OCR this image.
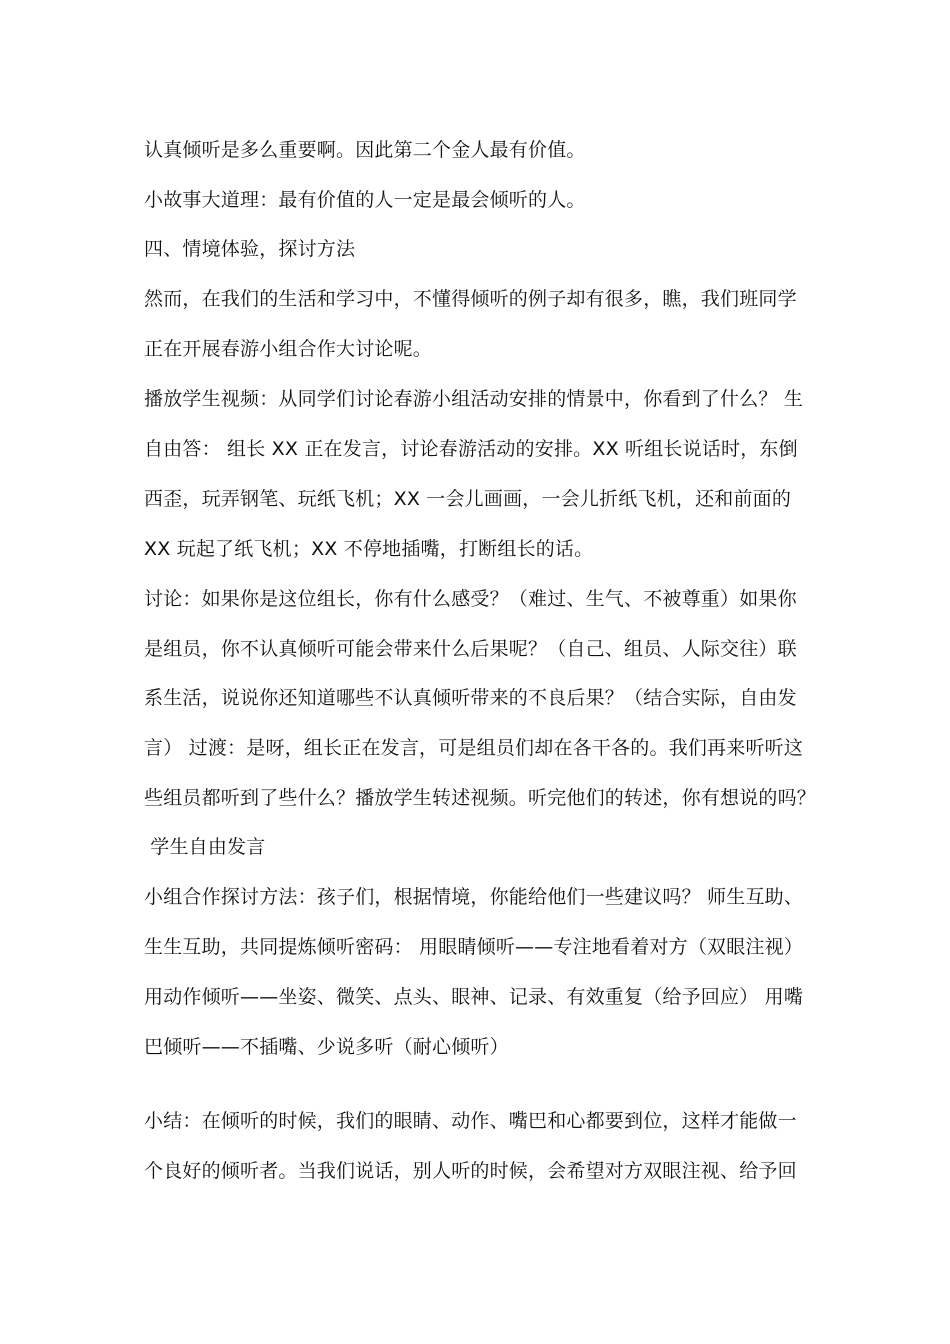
认真倾听是多么重要啊。因此第二个金人最有价值。
小故事大道理：最有价值的人一定是最会倾听的人。
四、情境体验，探讨方法
然而，在我们的生活和学习中，不懂得倾听的例子却有很多，瞧，我们班同学
正在开展春游小组合作大讨论呢。
播放学生视频：从同学们讨论春游小组活动安排的情景中，你看到了什么？ 生
自由答： 组长 XX 正在发言，讨论春游活动的安排。XX 听组长说话时，东倒
西歪，玩弄钢笔、玩纸飞机；XX 一会儿画画，一会儿折纸飞机，还和前面的
XX 玩起了纸飞机；XX 不停地插嘴，打断组长的话。
讨论：如果你是这位组长，你有什么感受？（难过、生气、不被尊重）如果你
是组员，你不认真倾听可能会带来什么后果呢？（自己、组员、人际交往）联
系生活，说说你还知道哪些不认真倾听带来的不良后果？（结合实际，自由发
言） 过渡：是呀，组长正在发言，可是组员们却在各干各的。我们再来听听这
些组员都听到了些什么？播放学生转述视频。听完他们的转述，你有想说的吗？
学生自由发言
小组合作探讨方法：孩子们，根据情境，你能给他们一些建议吗？ 师生互助、
生生互助，共同提炼倾听密码： 用眼睛倾听——专注地看着对方（双眼注视）
用动作倾听——坐姿、微笑、点头、眼神、记录、有效重复（给予回应） 用嘴
巴倾听——不插嘴、少说多听（耐心倾听）
小结：在倾听的时候，我们的眼睛、动作、嘴巴和心都要到位，这样才能做一
个良好的倾听者。当我们说话，别人听的时候，会希望对方双眼注视、给予回
